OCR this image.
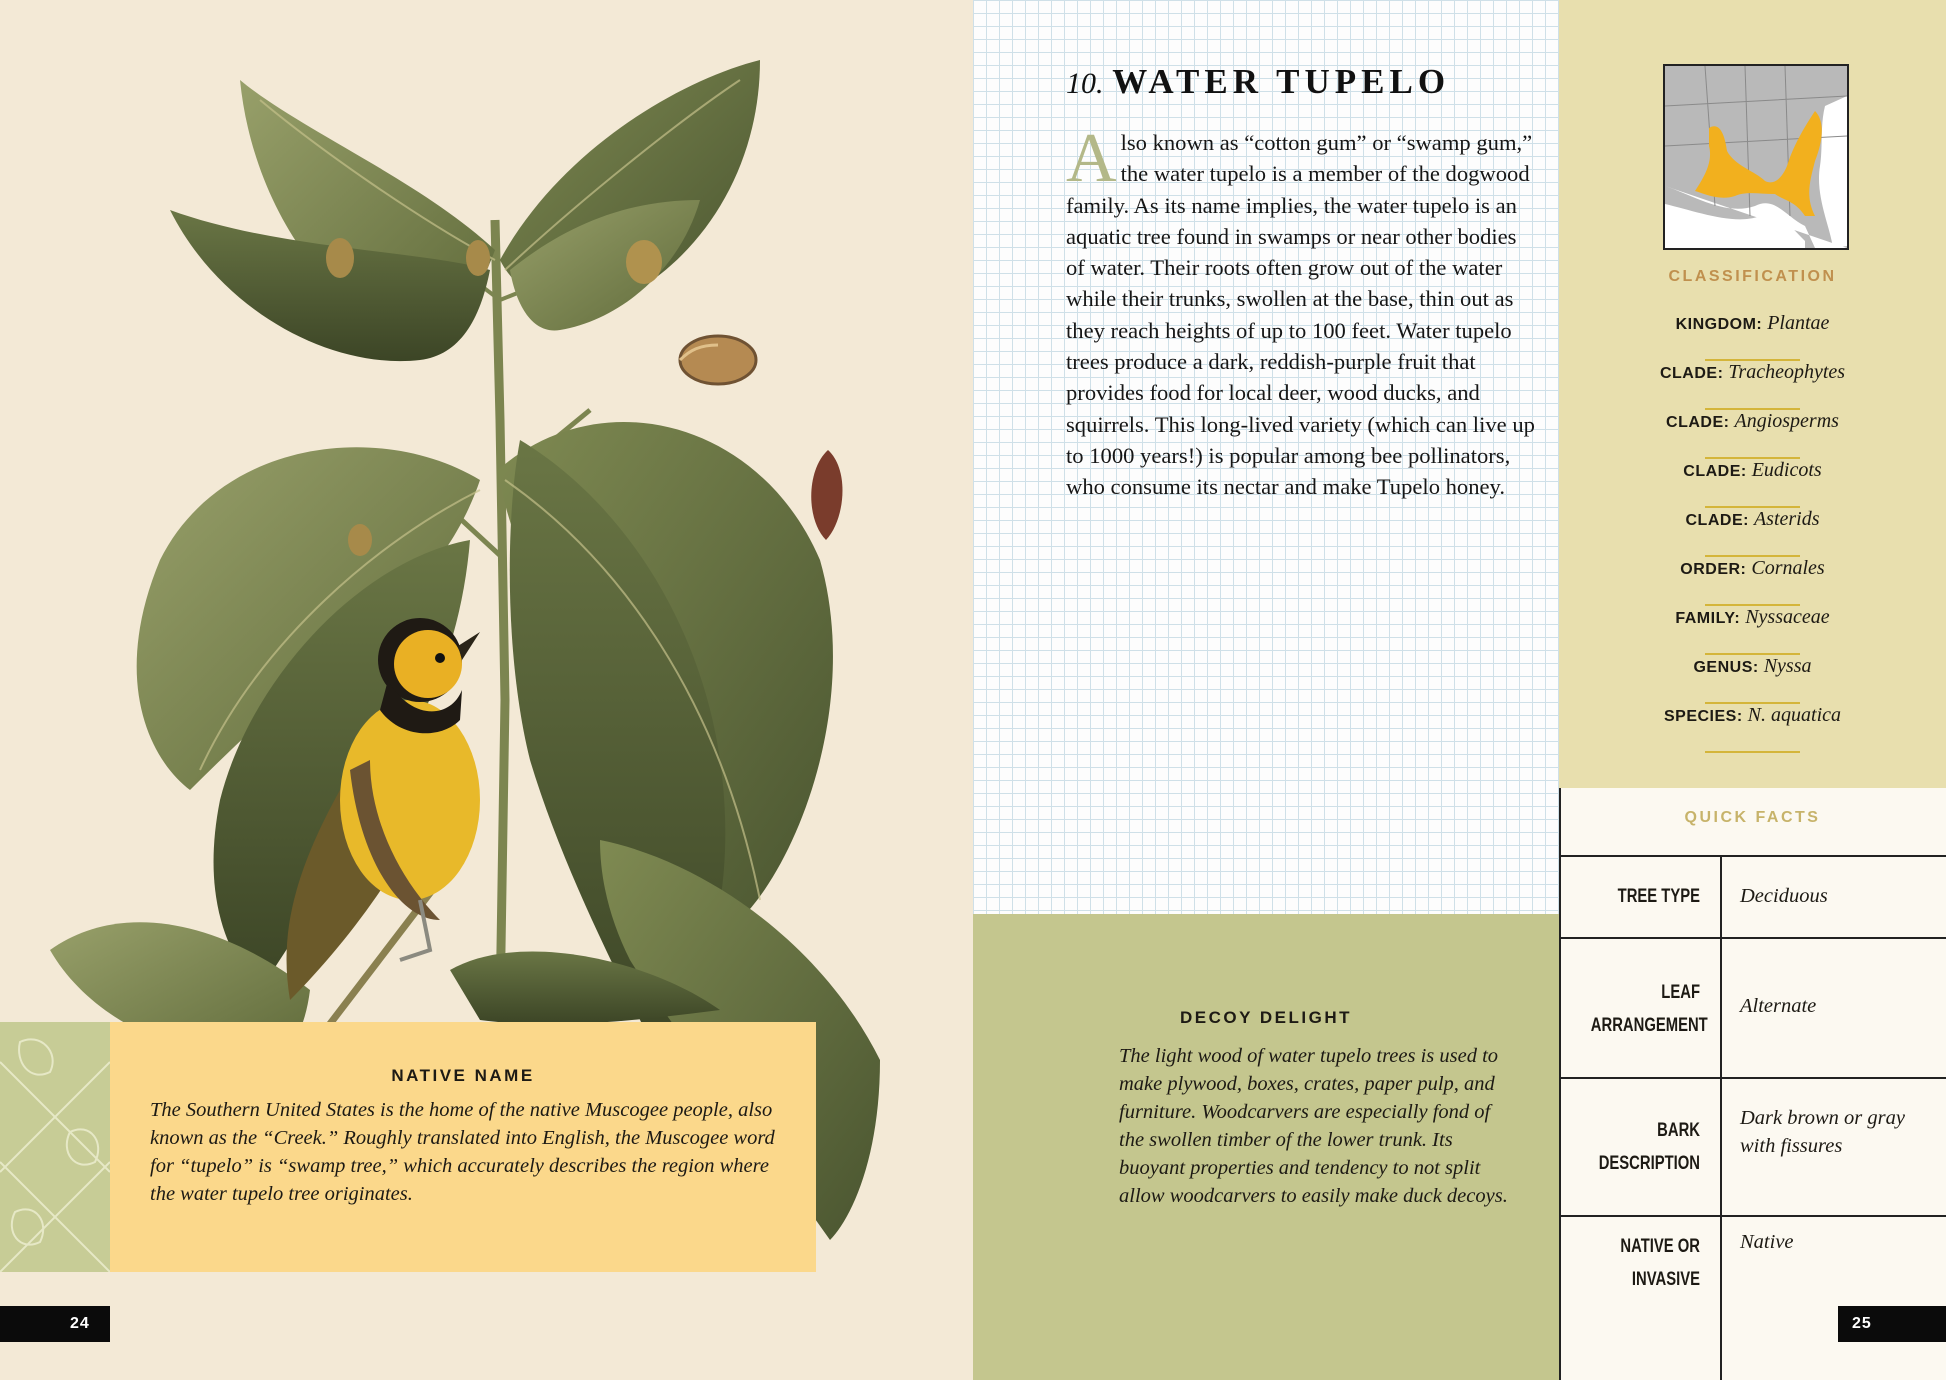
NATIVE NAME
The Southern United States is the home of the native Muscogee people, also known as the “Creek.” Roughly translated into English, the Muscogee word for “tupelo” is “swamp tree,” which accurately describes the region where the water tupelo tree originates.
24
10. WATER TUPELO
Also known as “cotton gum” or “swamp gum,” the water tupelo is a member of the dogwood family. As its name implies, the water tupelo is an aquatic tree found in swamps or near other bodies of water. Their roots often grow out of the water while their trunks, swollen at the base, thin out as they reach heights of up to 100 feet. Water tupelo trees produce a dark, reddish-purple fruit that provides food for local deer, wood ducks, and squirrels. This long-lived variety (which can live up to 1000 years!) is popular among bee pollinators, who consume its nectar and make Tupelo honey.
DECOY DELIGHT
The light wood of water tupelo trees is used to make plywood, boxes, crates, paper pulp, and furniture. Woodcarvers are especially fond of the swollen timber of the lower trunk. Its buoyant properties and tendency to not split allow woodcarvers to easily make duck decoys.
CLASSIFICATION
KINGDOM: Plantae
CLADE: Tracheophytes
CLADE: Angiosperms
CLADE: Eudicots
CLADE: Asterids
ORDER: Cornales
FAMILY: Nyssaceae
GENUS: Nyssa
SPECIES: N. aquatica
QUICK FACTS
TREE TYPE Deciduous
LEAF
ARRANGEMENT
Alternate
BARK
DESCRIPTION
Dark brown or gray with fissures
NATIVE OR
INVASIVE
Native
25
